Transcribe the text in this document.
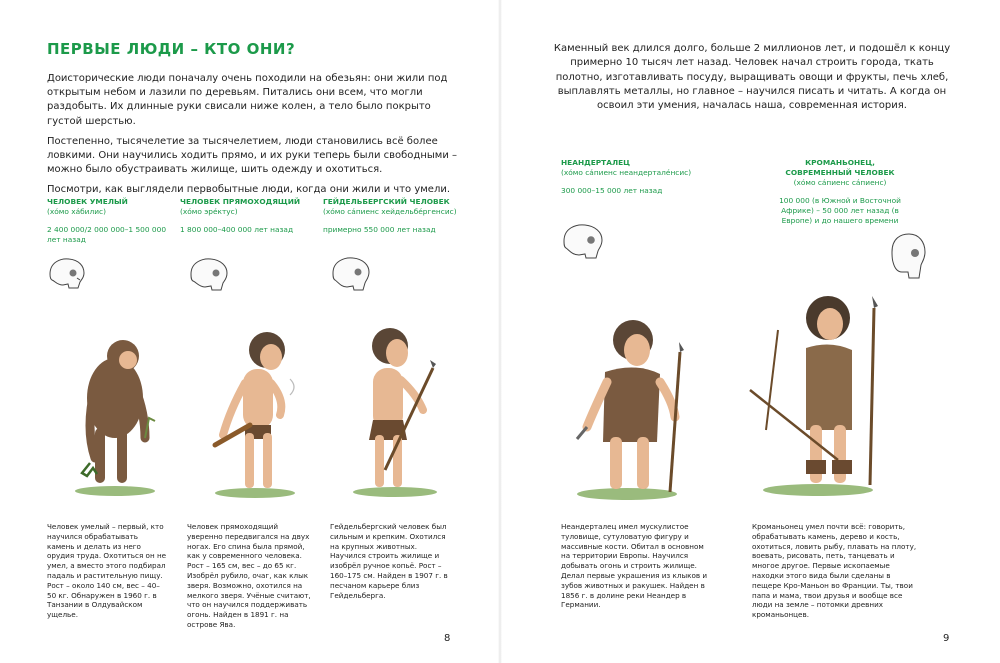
ПЕРВЫЕ ЛЮДИ – КТО ОНИ?

Доисторические люди поначалу очень походили на обезьян: они жили под открытым небом и лазили по деревьям. Питались они всем, что могли раздобыть. Их длинные руки свисали ниже колен, а тело было покрыто густой шерстью.

Постепенно, тысячелетие за тысячелетием, люди становились всё более ловкими. Они научились ходить прямо, и их руки теперь были свободными – можно было обустраивать жилище, шить одежду и охотиться.

Посмотри, как выглядели первобытные люди, когда они жили и что умели.

Каменный век длился долго, больше 2 миллионов лет, и подошёл к концу примерно 10 тысяч лет назад. Человек начал строить города, ткать полотно, изготавливать посуду, выращивать овощи и фрукты, печь хлеб, выплавлять металлы, но главное – научился писать и читать. А когда он освоил эти умения, началась наша, современная история.
ЧЕЛОВЕК УМЕЛЫЙ
(хóмо хáбилис)
2 400 000/2 000 000–1 500 000 лет назад
ЧЕЛОВЕК ПРЯМОХОДЯЩИЙ
(хóмо эрéктус)
1 800 000–400 000 лет назад
ГЕЙДЕЛЬБЕРГСКИЙ ЧЕЛОВЕК
(хóмо сáпиенс хейдельбéргенсис)
примерно 550 000 лет назад
НЕАНДЕРТАЛЕЦ
(хóмо сáпиенс неандерталéнсис)
300 000–15 000 лет назад
КРОМАНЬОНЕЦ, СОВРЕМЕННЫЙ ЧЕЛОВЕК
(хóмо сáпиенс сáпиенс)
100 000 (в Южной и Восточной Африке) – 50 000 лет назад (в Европе) и до нашего времени
Человек умелый – первый, кто научился обрабатывать камень и делать из него орудия труда. Охотиться он не умел, а вместо этого подбирал падаль и растительную пищу. Рост – около 140 см, вес – 40–50 кг. Обнаружен в 1960 г. в Танзании в Олдувайском ущелье.
Человек прямоходящий уверенно передвигался на двух ногах. Его спина была прямой, как у современного человека. Рост – 165 см, вес – до 65 кг. Изобрёл рубило, очаг, как клык зверя. Возможно, охотился на мелкого зверя. Учёные считают, что он научился поддерживать огонь. Найден в 1891 г. на острове Ява.
Гейдельбергский человек был сильным и крепким. Охотился на крупных животных. Научился строить жилище и изобрёл ручное копьё. Рост – 160–175 см. Найден в 1907 г. в песчаном карьере близ Гейдельберга.
Неандерталец имел мускулистое туловище, сутуловатую фигуру и массивные кости. Обитал в основном на территории Европы. Научился добывать огонь и строить жилище. Делал первые украшения из клыков и зубов животных и ракушек. Найден в 1856 г. в долине реки Неандер в Германии.
Кроманьонец умел почти всё: говорить, обрабатывать камень, дерево и кость, охотиться, ловить рыбу, плавать на плоту, воевать, рисовать, петь, танцевать и многое другое. Первые ископаемые находки этого вида были сделаны в пещере Кро-Маньон во Франции. Ты, твои папа и мама, твои друзья и вообще все люди на земле – потомки древних кроманьонцев.
8	9
